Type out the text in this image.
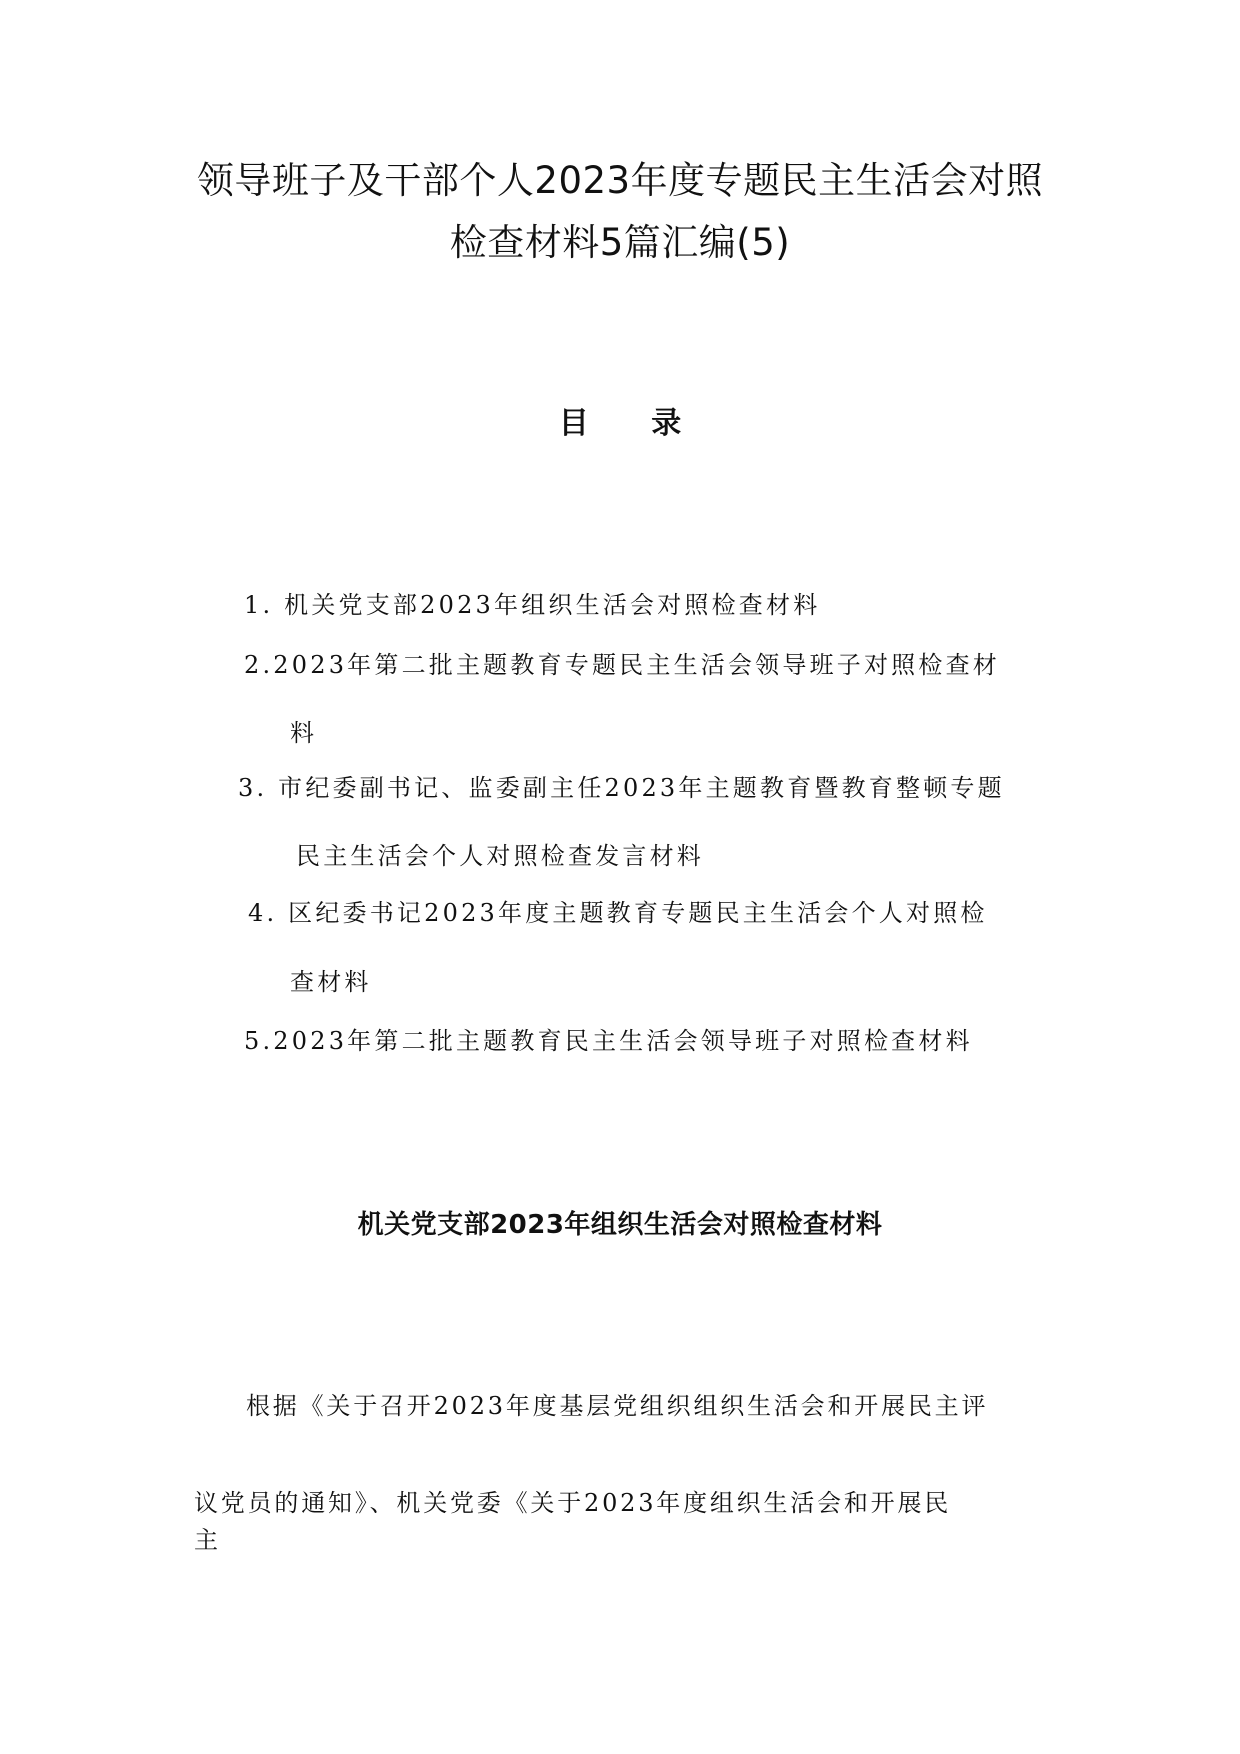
领导班子及干部个人2023年度专题民主生活会对照
检查材料5篇汇编(5)
目 录
1. 机关党支部2023年组织生活会对照检查材料
2.2023年第二批主题教育专题民主生活会领导班子对照检查材
料
3. 市纪委副书记、监委副主任2023年主题教育暨教育整顿专题
民主生活会个人对照检查发言材料
4. 区纪委书记2023年度主题教育专题民主生活会个人对照检
查材料
5.2023年第二批主题教育民主生活会领导班子对照检查材料
机关党支部2023年组织生活会对照检查材料
根据《关于召开2023年度基层党组织组织生活会和开展民主评
议党员的通知》、机关党委《关于2023年度组织生活会和开展民
主
